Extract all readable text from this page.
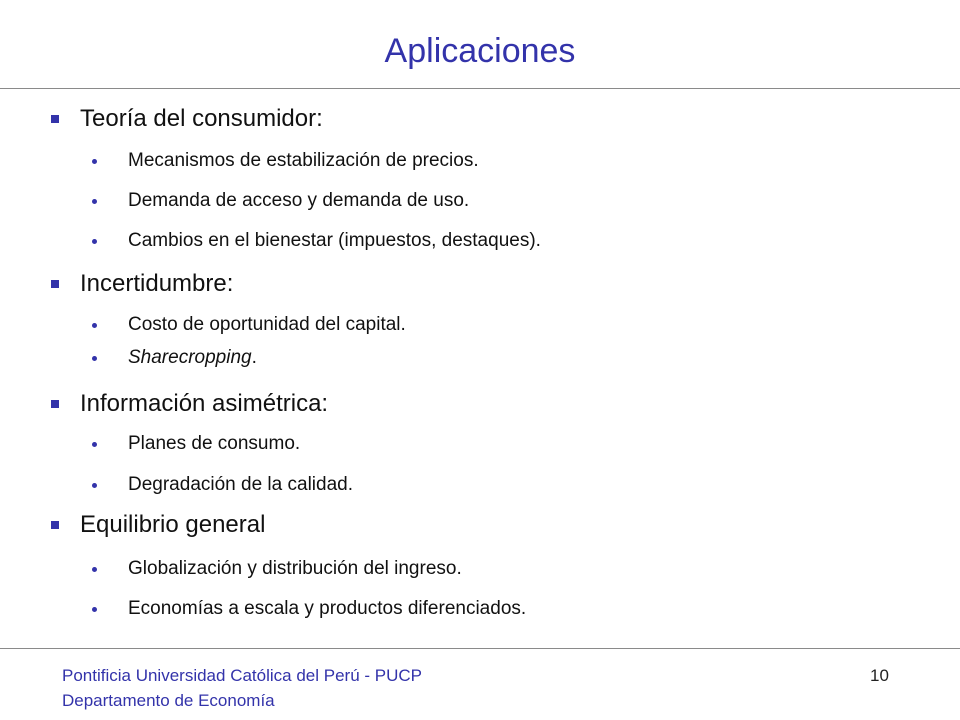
Aplicaciones
Teoría del consumidor:
Mecanismos de estabilización de precios.
Demanda de acceso y demanda de uso.
Cambios en el bienestar (impuestos, destaques).
Incertidumbre:
Costo de oportunidad del capital.
Sharecropping.
Información asimétrica:
Planes de consumo.
Degradación de la calidad.
Equilibrio general
Globalización y distribución del ingreso.
Economías a escala y productos diferenciados.
Pontificia Universidad Católica del Perú - PUCP
Departamento de Economía
10
